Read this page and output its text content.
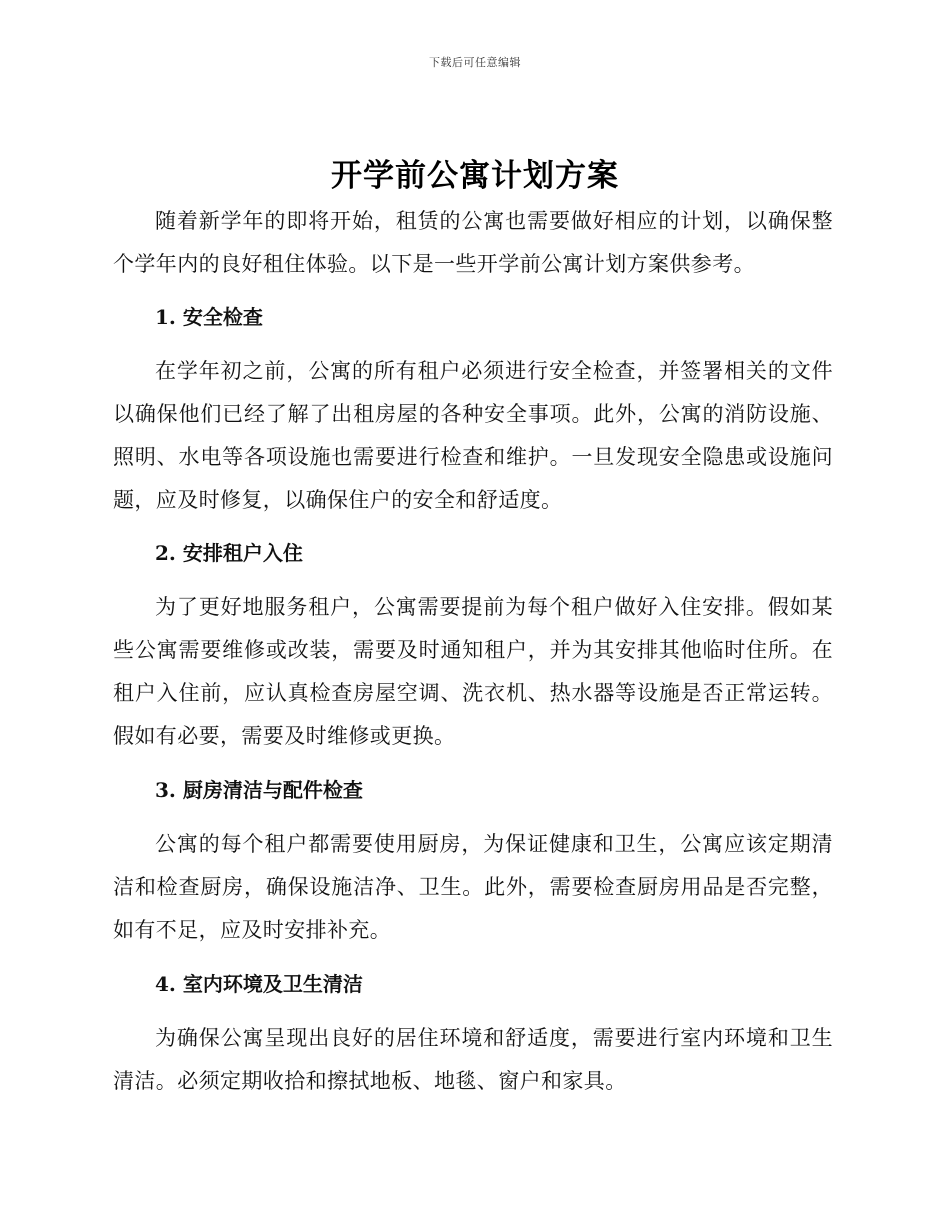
下载后可任意编辑
开学前公寓计划方案

随着新学年的即将开始，租赁的公寓也需要做好相应的计划，以确保整个学年内的良好租住体验。以下是一些开学前公寓计划方案供参考。

1. 安全检查

在学年初之前，公寓的所有租户必须进行安全检查，并签署相关的文件以确保他们已经了解了出租房屋的各种安全事项。此外，公寓的消防设施、照明、水电等各项设施也需要进行检查和维护。一旦发现安全隐患或设施问题，应及时修复，以确保住户的安全和舒适度。

2. 安排租户入住

为了更好地服务租户，公寓需要提前为每个租户做好入住安排。假如某些公寓需要维修或改装，需要及时通知租户，并为其安排其他临时住所。在租户入住前，应认真检查房屋空调、洗衣机、热水器等设施是否正常运转。假如有必要，需要及时维修或更换。

3. 厨房清洁与配件检查

公寓的每个租户都需要使用厨房，为保证健康和卫生，公寓应该定期清洁和检查厨房，确保设施洁净、卫生。此外，需要检查厨房用品是否完整，如有不足，应及时安排补充。

4. 室内环境及卫生清洁

为确保公寓呈现出良好的居住环境和舒适度，需要进行室内环境和卫生清洁。必须定期收拾和擦拭地板、地毯、窗户和家具。
